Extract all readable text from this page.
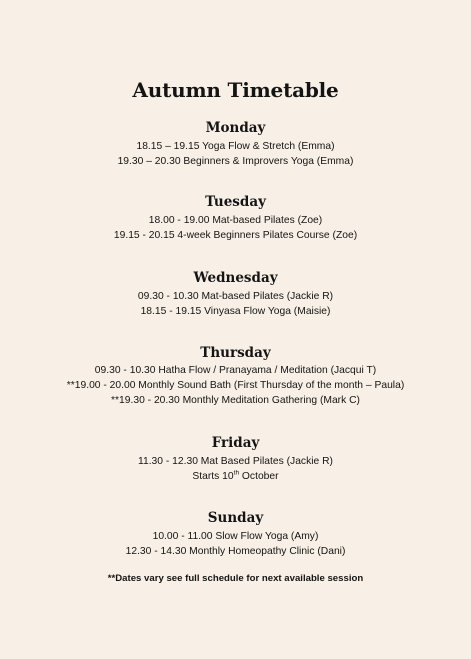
Autumn Timetable
Monday
18.15 – 19.15 Yoga Flow & Stretch (Emma)
19.30 – 20.30 Beginners & Improvers Yoga (Emma)
Tuesday
18.00 - 19.00 Mat-based Pilates (Zoe)
19.15 - 20.15 4-week Beginners Pilates Course (Zoe)
Wednesday
09.30 - 10.30 Mat-based Pilates (Jackie R)
18.15 - 19.15 Vinyasa Flow Yoga (Maisie)
Thursday
09.30 - 10.30 Hatha Flow / Pranayama / Meditation (Jacqui T)
**19.00 - 20.00 Monthly Sound Bath (First Thursday of the month – Paula)
**19.30 - 20.30 Monthly Meditation Gathering (Mark C)
Friday
11.30 - 12.30 Mat Based Pilates (Jackie R)
Starts 10th October
Sunday
10.00 - 11.00 Slow Flow Yoga (Amy)
12.30 - 14.30 Monthly Homeopathy Clinic (Dani)
**Dates vary see full schedule for next available session
